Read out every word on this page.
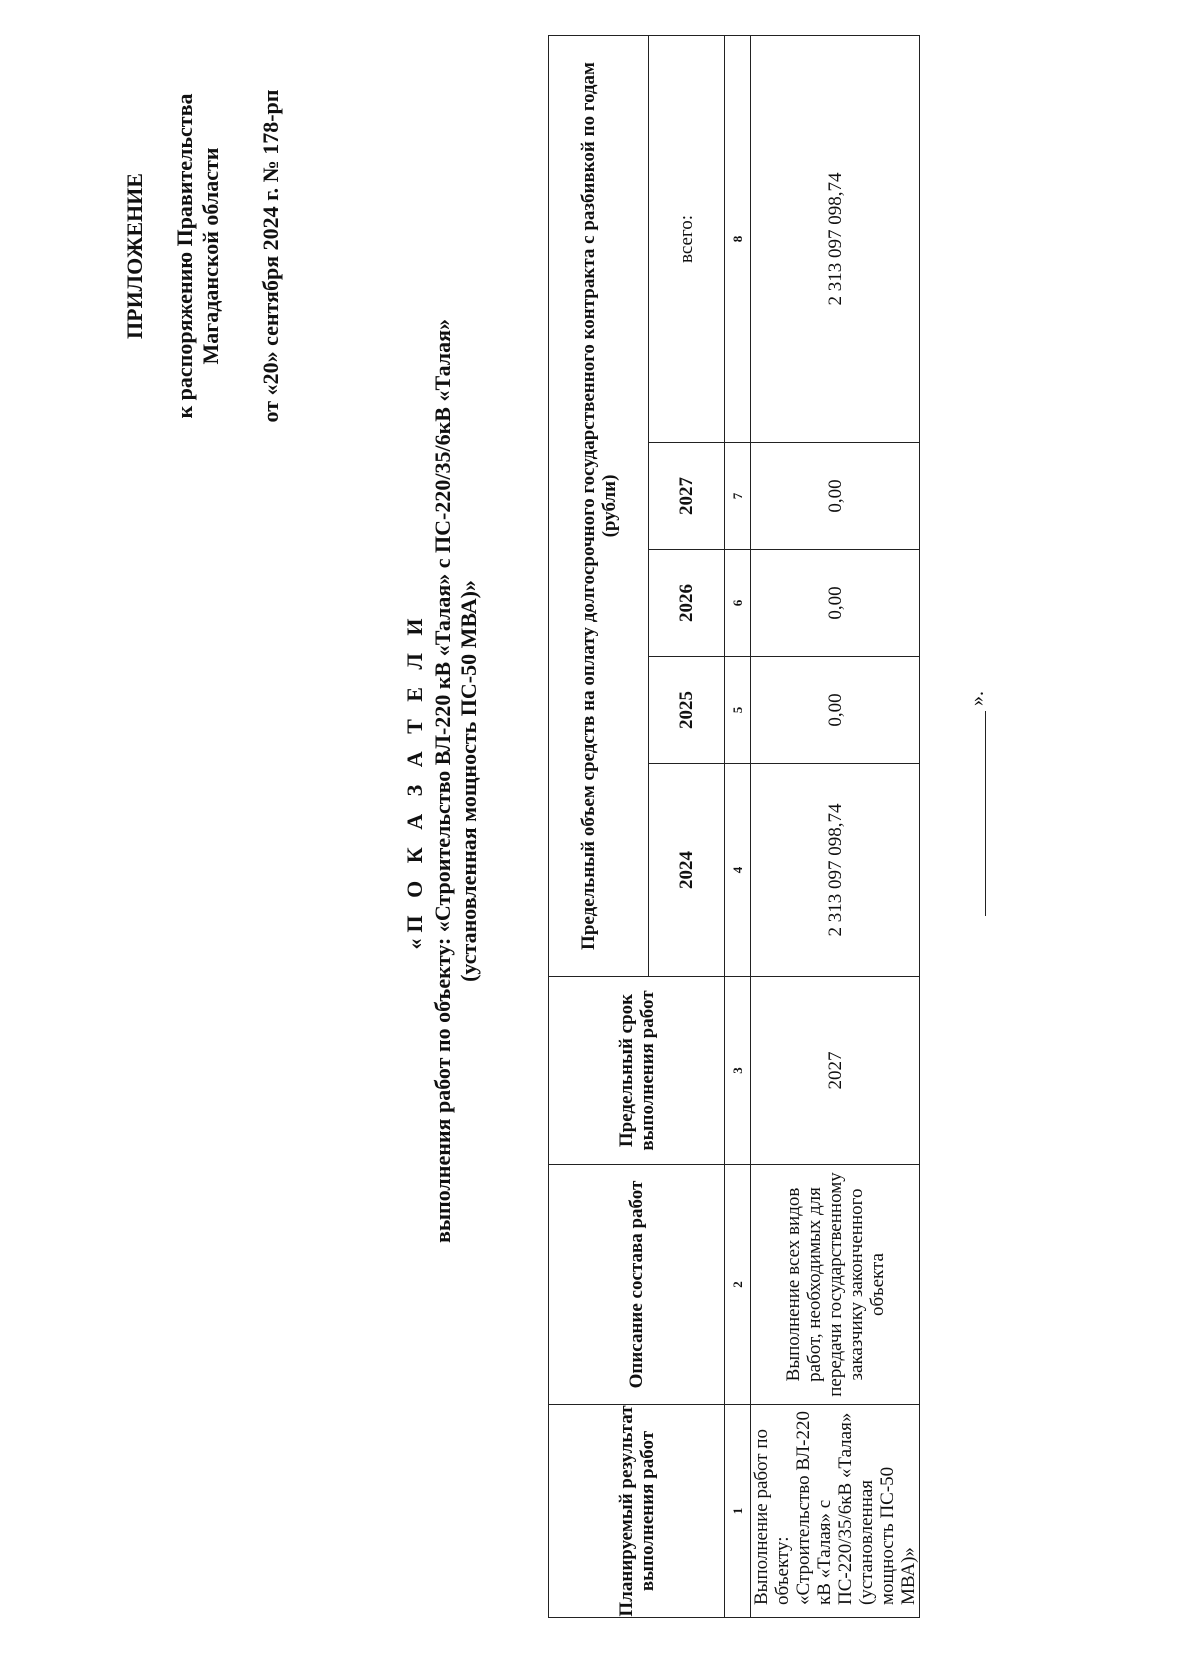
ПРИЛОЖЕНИЕ к распоряжению Правительства Магаданской области от «20» сентября 2024 г. № 178-рп
«П О К А З А Т Е Л И выполнения работ по объекту: «Строительство ВЛ-220 кВ «Талая» с ПС-220/35/6кВ «Талая» (установленная мощность ПС-50 МВА)»
Планируемый результат выполнения работ	Описание состава работ	Предельный срок выполнения работ	Предельный объем средств на оплату долгосрочного государственного контракта с разбивкой по годам (рубли)				
			2024	2025	2026	2027	всего:
1	2	3	4	5	6	7	8
Выполнение работ по объекту: «Строительство ВЛ-220 кВ «Талая» с ПС-220/35/6кВ «Талая» (установленная мощность ПС-50 МВА)»	Выполнение всех видов работ, необходимых для передачи государственному заказчику законченного объекта	2027	2 313 097 098,74	0,00	0,00	0,00	2 313 097 098,74
».
